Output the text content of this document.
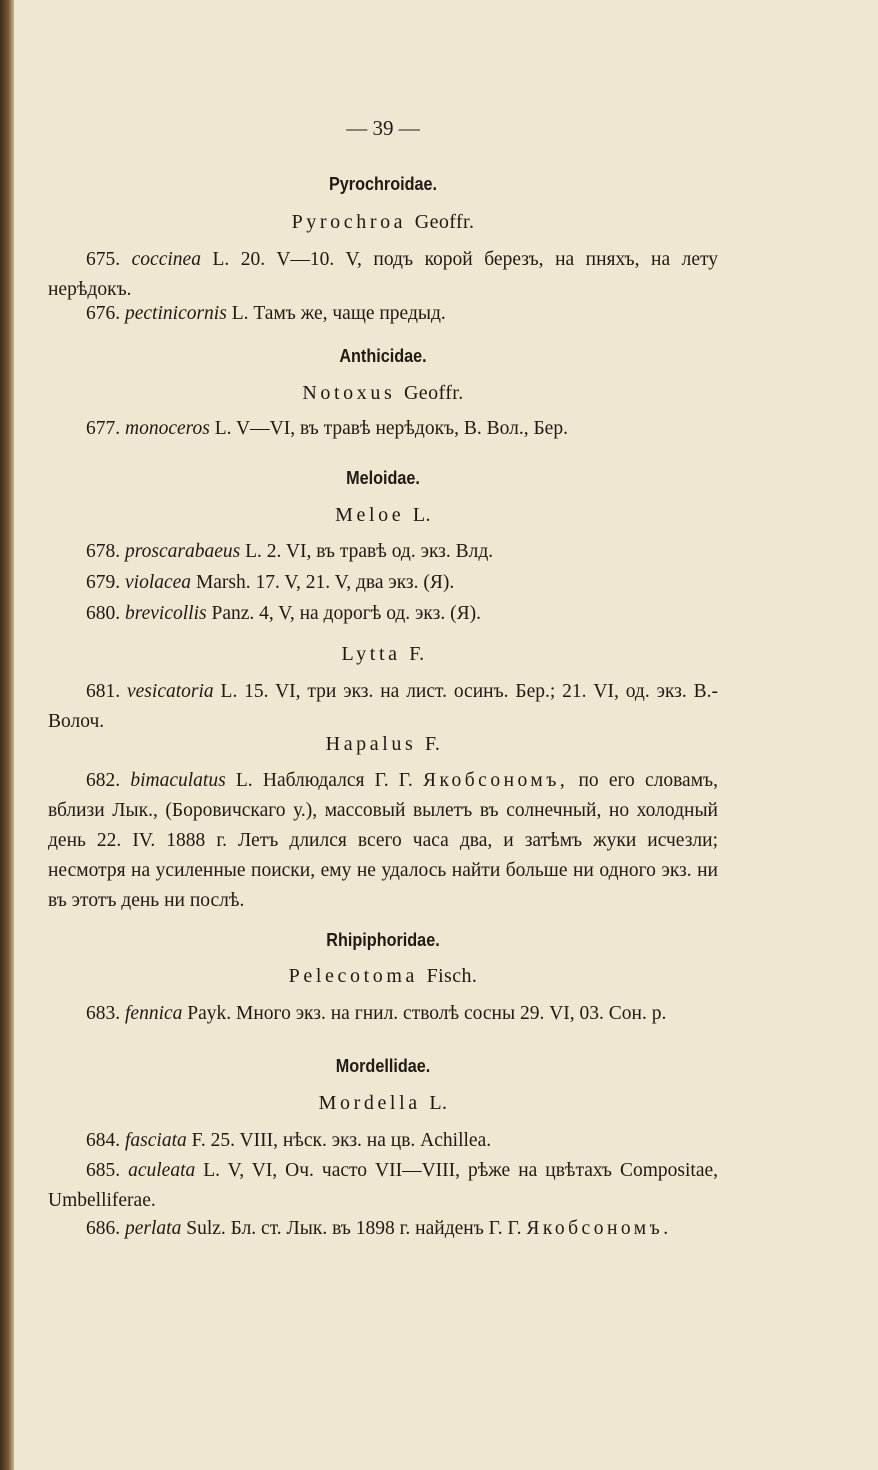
— 39 —
Pyrochroidae.
Pyrochroa Geoffr.
675. coccinea L. 20. V—10. V, подъ корой березъ, на пняхъ, на лету нерѣдокъ.
676. pectinicornis L. Тамъ же, чаще предыд.
Anthicidae.
Notoxus Geoffr.
677. monoceros L. V—VI, въ травѣ нерѣдокъ, В. Вол., Бер.
Meloidae.
Meloe L.
678. proscarabaeus L. 2. VI, въ травѣ од. экз. Влд.
679. violacea Marsh. 17. V, 21. V, два экз. (Я).
680. brevicollis Panz. 4, V, на дорогѣ од. экз. (Я).
Lytta F.
681. vesicatoria L. 15. VI, три экз. на лист. осинъ. Бер.; 21. VI, од. экз. В.-Волоч.
Hapalus F.
682. bimaculatus L. Наблюдался Г. Г. Якобсономъ, по его словамъ, вблизи Лык., (Боровичскаго у.), массовый вылетъ въ солнечный, но холодный день 22. IV. 1888 г. Летъ длился всего часа два, и затѣмъ жуки исчезли; несмотря на усиленные поиски, ему не удалось найти больше ни одного экз. ни въ этотъ день ни послѣ.
Rhipiphoridae.
Pelecotoma Fisch.
683. fennica Payk. Много экз. на гнил. стволѣ сосны 29. VI, 03. Сон. р.
Mordellidae.
Mordella L.
684. fasciata F. 25. VIII, нѣск. экз. на цв. Achillea.
685. aculeata L. V, VI, Оч. часто VII—VIII, рѣже на цвѣтахъ Compositae, Umbelliferae.
686. perlata Sulz. Бл. ст. Лык. въ 1898 г. найденъ Г. Г. Якобсономъ.
